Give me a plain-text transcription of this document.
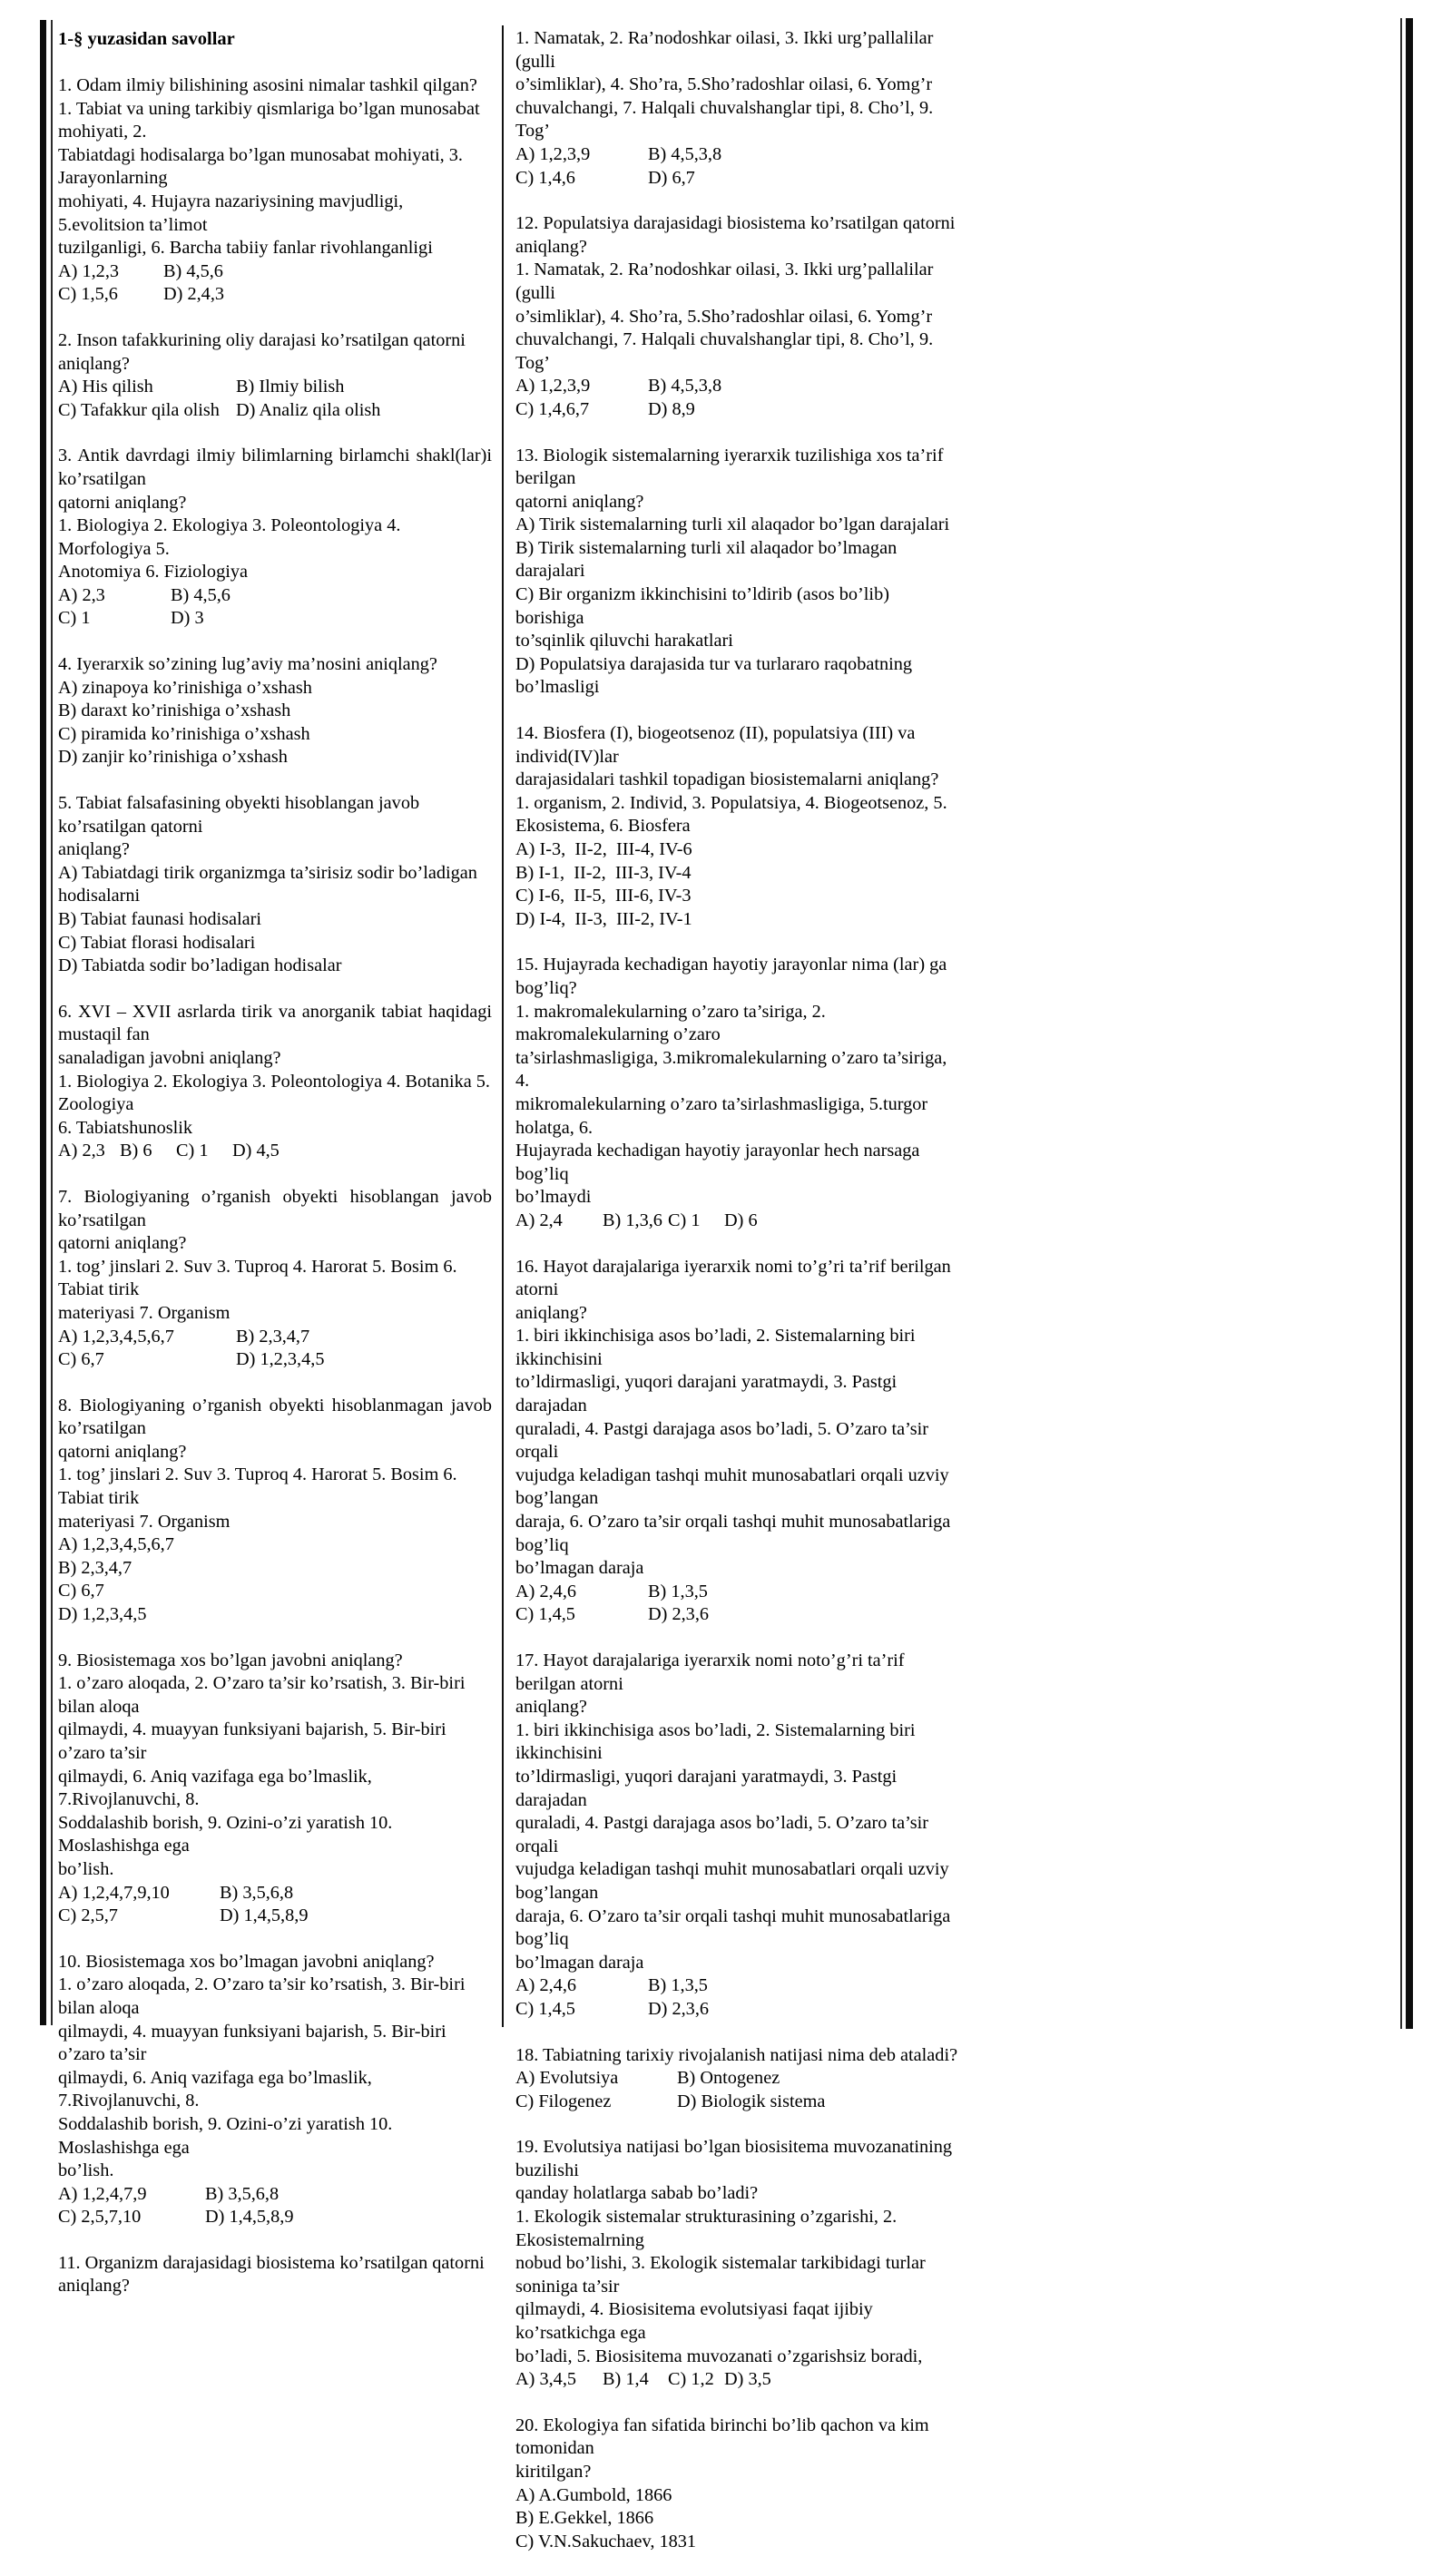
1-§ yuzasidan savollar
1. Odam ilmiy bilishining asosini nimalar tashkil qilgan?
1. Tabiat va uning tarkibiy qismlariga bo’lgan munosabat mohiyati, 2.
Tabiatdagi hodisalarga bo’lgan munosabat mohiyati, 3. Jarayonlarning
mohiyati, 4. Hujayra nazariysining mavjudligi, 5.evolitsion ta’limot
tuzilganligi, 6. Barcha tabiiy fanlar rivohlanganligi
A) 1,2,3	B) 4,5,6
C) 1,5,6	D) 2,4,3
2. Inson tafakkurining oliy darajasi ko’rsatilgan qatorni aniqlang?
A) His qilish	B) Ilmiy bilish
C) Tafakkur qila olish D) Analiz qila olish
3. Antik davrdagi ilmiy bilimlarning birlamchi shakl(lar)i ko’rsatilgan
qatorni aniqlang?
1. Biologiya 2. Ekologiya 3. Poleontologiya 4. Morfologiya 5.
Anotomiya 6. Fiziologiya
A) 2,3	B) 4,5,6
C) 1	D) 3
4. Iyerarxik so’zining lug’aviy ma’nosini aniqlang?
A) zinapoya ko’rinishiga o’xshash
B) daraxt ko’rinishiga o’xshash
C) piramida ko’rinishiga o’xshash
D) zanjir ko’rinishiga o’xshash
5. Tabiat falsafasining obyekti hisoblangan javob ko’rsatilgan qatorni
aniqlang?
A) Tabiatdagi tirik organizmga ta’sirisiz sodir bo’ladigan hodisalarni
B) Tabiat faunasi hodisalari
C) Tabiat florasi hodisalari
D) Tabiatda sodir bo’ladigan hodisalar
6. XVI – XVII asrlarda tirik va anorganik tabiat haqidagi mustaqil fan
sanaladigan javobni aniqlang?
1. Biologiya 2. Ekologiya 3. Poleontologiya 4. Botanika 5. Zoologiya
6. Tabiatshunoslik
A) 2,3 B) 6	C) 1	D) 4,5
7. Biologiyaning o’rganish obyekti hisoblangan javob ko’rsatilgan
qatorni aniqlang?
1. tog’ jinslari 2. Suv 3. Tuproq 4. Harorat 5. Bosim 6. Tabiat tirik
materiyasi 7. Organism
A) 1,2,3,4,5,6,7	B) 2,3,4,7
C) 6,7	D) 1,2,3,4,5
8. Biologiyaning o’rganish obyekti hisoblanmagan javob ko’rsatilgan
qatorni aniqlang?
1. tog’ jinslari 2. Suv 3. Tuproq 4. Harorat 5. Bosim 6. Tabiat tirik
materiyasi 7. Organism
A) 1,2,3,4,5,6,7
B) 2,3,4,7
C) 6,7
D) 1,2,3,4,5
9. Biosistemaga xos bo’lgan javobni aniqlang?
1. o’zaro aloqada, 2. O’zaro ta’sir ko’rsatish, 3. Bir-biri bilan aloqa
qilmaydi, 4. muayyan funksiyani bajarish, 5. Bir-biri o’zaro ta’sir
qilmaydi, 6. Aniq vazifaga ega bo’lmaslik, 7.Rivojlanuvchi, 8.
Soddalashib borish, 9. Ozini-o’zi yaratish 10. Moslashishga ega
bo’lish.
A) 1,2,4,7,9,10	B) 3,5,6,8
C) 2,5,7	D) 1,4,5,8,9
10. Biosistemaga xos bo’lmagan javobni aniqlang?
1. o’zaro aloqada, 2. O’zaro ta’sir ko’rsatish, 3. Bir-biri bilan aloqa
qilmaydi, 4. muayyan funksiyani bajarish, 5. Bir-biri o’zaro ta’sir
qilmaydi, 6. Aniq vazifaga ega bo’lmaslik, 7.Rivojlanuvchi, 8.
Soddalashib borish, 9. Ozini-o’zi yaratish 10. Moslashishga ega
bo’lish.
A) 1,2,4,7,9	B) 3,5,6,8
C) 2,5,7,10	D) 1,4,5,8,9
11. Organizm darajasidagi biosistema ko’rsatilgan qatorni aniqlang?
1. Namatak, 2. Ra’nodoshkar oilasi, 3. Ikki urg’pallalilar (gulli
o’simliklar), 4. Sho’ra, 5.Sho’radoshlar oilasi, 6. Yomg’r
chuvalchangi, 7. Halqali chuvalshanglar tipi, 8. Cho’l, 9. Tog’
A) 1,2,3,9	B) 4,5,3,8
C) 1,4,6	D) 6,7
12. Populatsiya darajasidagi biosistema ko’rsatilgan qatorni aniqlang?
1. Namatak, 2. Ra’nodoshkar oilasi, 3. Ikki urg’pallalilar (gulli
o’simliklar), 4. Sho’ra, 5.Sho’radoshlar oilasi, 6. Yomg’r
chuvalchangi, 7. Halqali chuvalshanglar tipi, 8. Cho’l, 9. Tog’
A) 1,2,3,9	B) 4,5,3,8
C) 1,4,6,7	D) 8,9
13. Biologik sistemalarning iyerarxik tuzilishiga xos ta’rif berilgan
qatorni aniqlang?
A) Tirik sistemalarning turli xil alaqador bo’lgan darajalari
B) Tirik sistemalarning turli xil alaqador bo’lmagan darajalari
C) Bir organizm ikkinchisini to’ldirib (asos bo’lib) borishiga
to’sqinlik qiluvchi harakatlari
D) Populatsiya darajasida tur va turlararo raqobatning bo’lmasligi
14. Biosfera (I), biogeotsenoz (II), populatsiya (III) va individ(IV)lar
darajasidalari tashkil topadigan biosistemalarni aniqlang?
1. organism, 2. Individ, 3. Populatsiya, 4. Biogeotsenoz, 5.
Ekosistema, 6. Biosfera
A) I-3,  II-2,  III-4, IV-6
B) I-1,  II-2,  III-3, IV-4
C) I-6,  II-5,  III-6, IV-3
D) I-4,  II-3,  III-2, IV-1
15. Hujayrada kechadigan hayotiy jarayonlar nima (lar) ga bog’liq?
1. makromalekularning o’zaro ta’siriga, 2. makromalekularning o’zaro
ta’sirlashmasligiga, 3.mikromalekularning o’zaro ta’siriga, 4.
mikromalekularning o’zaro ta’sirlashmasligiga, 5.turgor holatga, 6.
Hujayrada kechadigan hayotiy jarayonlar hech narsaga bog’liq
bo’lmaydi
A) 2,4	B) 1,3,6 C) 1	D) 6
16. Hayot darajalariga iyerarxik nomi to’g’ri ta’rif berilgan atorni
aniqlang?
1. biri ikkinchisiga asos bo’ladi, 2. Sistemalarning biri ikkinchisini
to’ldirmasligi, yuqori darajani yaratmaydi, 3. Pastgi darajadan
quraladi, 4. Pastgi darajaga asos bo’ladi, 5. O’zaro ta’sir orqali
vujudga keladigan tashqi muhit munosabatlari orqali uzviy bog’langan
daraja, 6. O’zaro ta’sir orqali tashqi muhit munosabatlariga bog’liq
bo’lmagan daraja
A) 2,4,6	B) 1,3,5
C) 1,4,5	D) 2,3,6
17. Hayot darajalariga iyerarxik nomi noto’g’ri ta’rif berilgan atorni
aniqlang?
1. biri ikkinchisiga asos bo’ladi, 2. Sistemalarning biri ikkinchisini
to’ldirmasligi, yuqori darajani yaratmaydi, 3. Pastgi darajadan
quraladi, 4. Pastgi darajaga asos bo’ladi, 5. O’zaro ta’sir orqali
vujudga keladigan tashqi muhit munosabatlari orqali uzviy bog’langan
daraja, 6. O’zaro ta’sir orqali tashqi muhit munosabatlariga bog’liq
bo’lmagan daraja
A) 2,4,6	B) 1,3,5
C) 1,4,5	D) 2,3,6
18. Tabiatning tarixiy rivojalanish natijasi nima deb ataladi?
A) Evolutsiya	B) Ontogenez
C) Filogenez	D) Biologik sistema
19. Evolutsiya natijasi bo’lgan biosisitema muvozanatining buzilishi
qanday holatlarga sabab bo’ladi?
1. Ekologik sistemalar strukturasining o’zgarishi, 2. Ekosistemalrning
nobud bo’lishi, 3. Ekologik sistemalar tarkibidagi turlar soniniga ta’sir
qilmaydi, 4. Biosisitema evolutsiyasi faqat ijibiy ko’rsatkichga ega
bo’ladi, 5. Biosisitema muvozanati o’zgarishsiz boradi,
A) 3,4,5	B) 1,4	C) 1,2 D) 3,5
20. Ekologiya fan sifatida birinchi bo’lib qachon va kim tomonidan
kiritilgan?
A) A.Gumbold, 1866
B) E.Gekkel, 1866
C) V.N.Sakuchaev, 1831
